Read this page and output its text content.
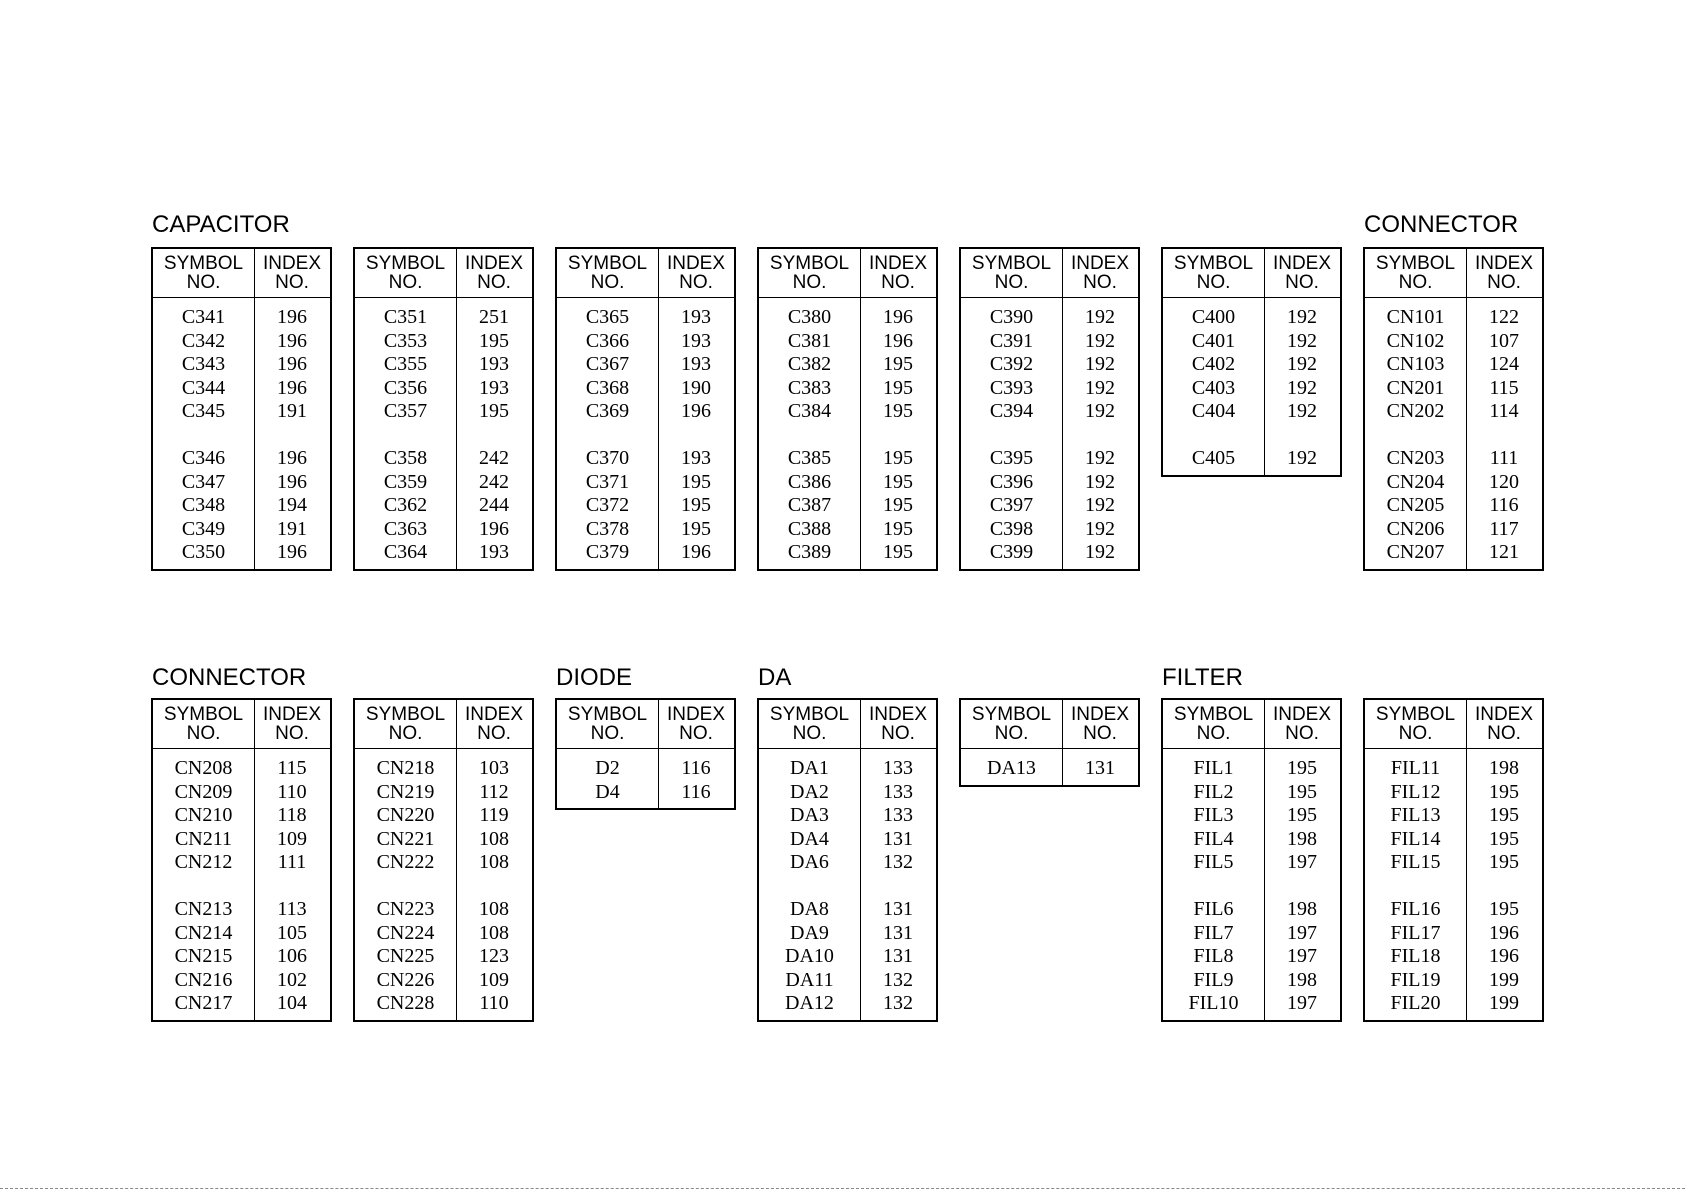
CAPACITOR	CONNECTOR
CONNECTOR	DIODE	DA	FILTER
SYMBOL
NO.
INDEX
NO.
C341	196
C342	196
C343	196
C344	196
C345	191
C346	196
C347	196
C348	194
C349	191
C350	196
SYMBOL
NO.
INDEX
NO.
C351	251
C353	195
C355	193
C356	193
C357	195
C358	242
C359	242
C362	244
C363	196
C364	193
SYMBOL
NO.
INDEX
NO.
C365	193
C366	193
C367	193
C368	190
C369	196
C370	193
C371	195
C372	195
C378	195
C379	196
SYMBOL
NO.
INDEX
NO.
C380	196
C381	196
C382	195
C383	195
C384	195
C385	195
C386	195
C387	195
C388	195
C389	195
SYMBOL
NO.
INDEX
NO.
C390	192
C391	192
C392	192
C393	192
C394	192
C395	192
C396	192
C397	192
C398	192
C399	192
SYMBOL
NO.
INDEX
NO.
C400	192
C401	192
C402	192
C403	192
C404	192
C405	192
SYMBOL
NO.
INDEX
NO.
CN101	122
CN102	107
CN103	124
CN201	115
CN202	114
CN203	111
CN204	120
CN205	116
CN206	117
CN207	121
SYMBOL
NO.
INDEX
NO.
CN208	115
CN209	110
CN210	118
CN211	109
CN212	111
CN213	113
CN214	105
CN215	106
CN216	102
CN217	104
SYMBOL
NO.
INDEX
NO.
CN218	103
CN219	112
CN220	119
CN221	108
CN222	108
CN223	108
CN224	108
CN225	123
CN226	109
CN228	110
SYMBOL
NO.
INDEX
NO.
D2	116
D4	116
SYMBOL
NO.
INDEX
NO.
DA1	133
DA2	133
DA3	133
DA4	131
DA6	132
DA8	131
DA9	131
DA10	131
DA11	132
DA12	132
SYMBOL
NO.
INDEX
NO.
DA13	131
SYMBOL
NO.
INDEX
NO.
FIL1	195
FIL2	195
FIL3	195
FIL4	198
FIL5	197
FIL6	198
FIL7	197
FIL8	197
FIL9	198
FIL10	197
SYMBOL
NO.
INDEX
NO.
FIL11	198
FIL12	195
FIL13	195
FIL14	195
FIL15	195
FIL16	195
FIL17	196
FIL18	196
FIL19	199
FIL20	199
